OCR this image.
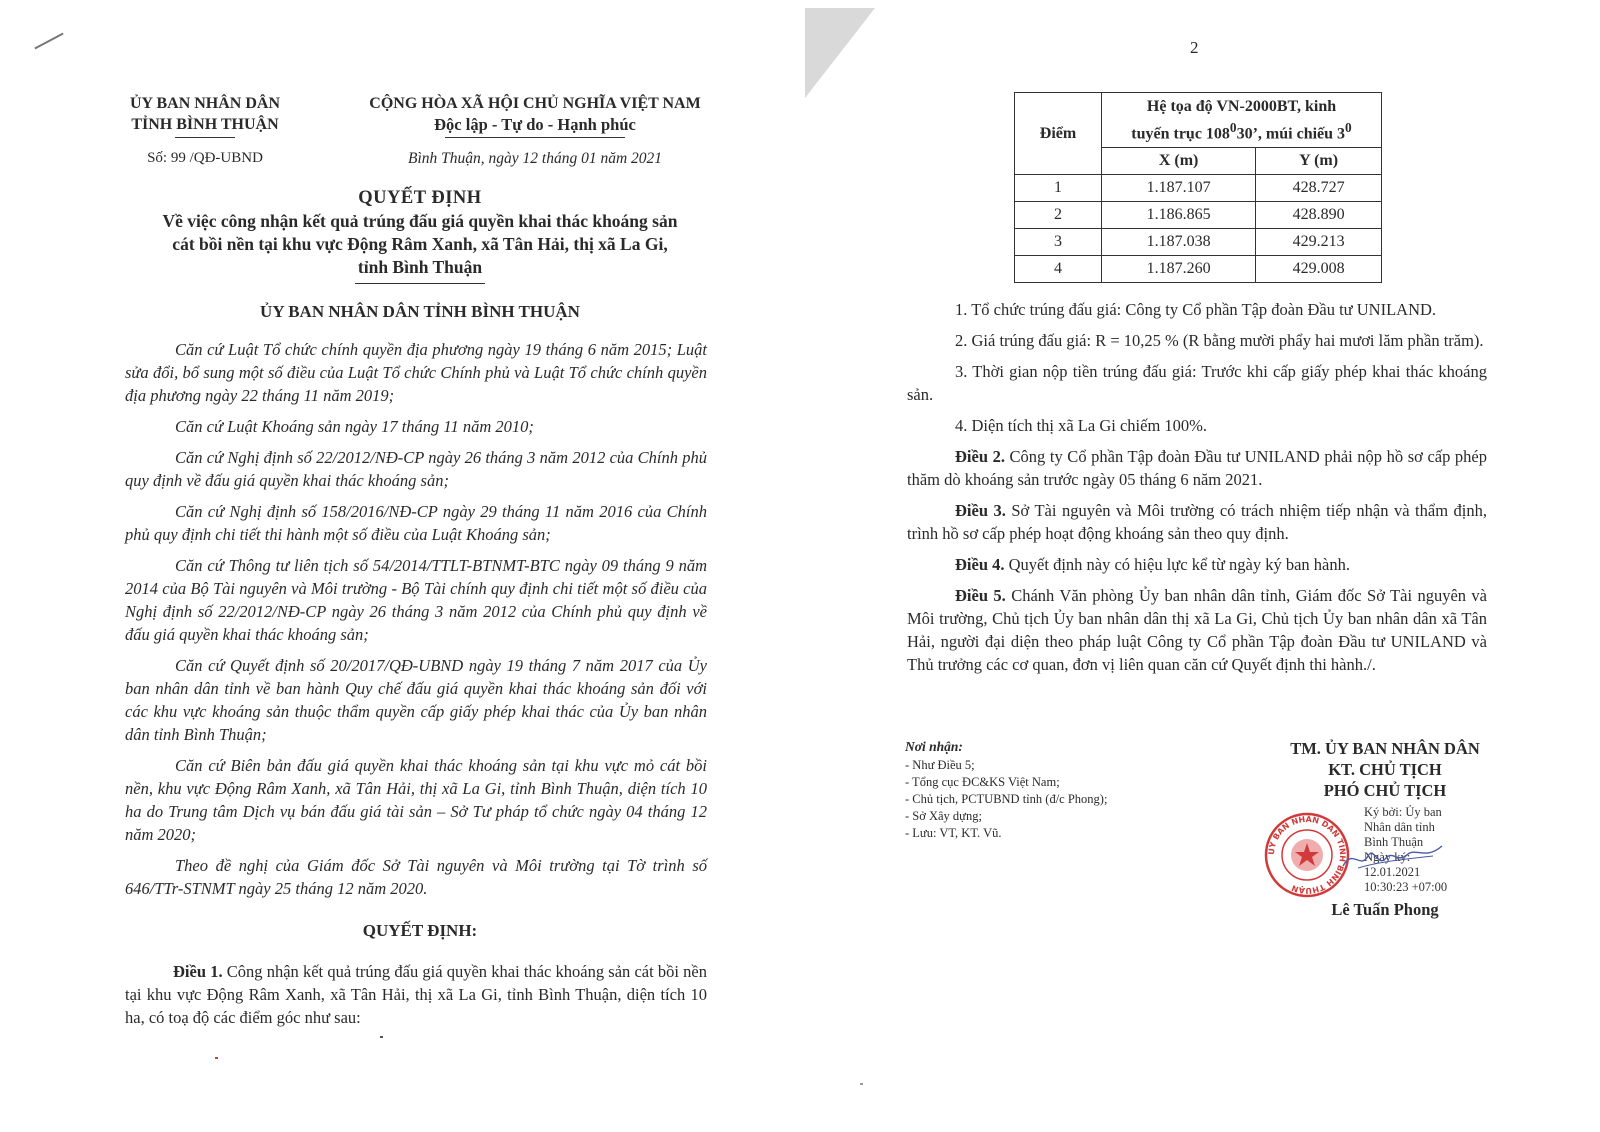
ỦY BAN NHÂN DÂN
TỈNH BÌNH THUẬN
Số: 99 /QĐ-UBND
CỘNG HÒA XÃ HỘI CHỦ NGHĨA VIỆT NAM
Độc lập - Tự do - Hạnh phúc
Bình Thuận, ngày 12 tháng 01 năm 2021
QUYẾT ĐỊNH
Về việc công nhận kết quả trúng đấu giá quyền khai thác khoáng sản
cát bồi nền tại khu vực Động Râm Xanh, xã Tân Hải, thị xã La Gi,
tỉnh Bình Thuận
ỦY BAN NHÂN DÂN TỈNH BÌNH THUẬN

Căn cứ Luật Tổ chức chính quyền địa phương ngày 19 tháng 6 năm 2015; Luật sửa đổi, bổ sung một số điều của Luật Tổ chức Chính phủ và Luật Tổ chức chính quyền địa phương ngày 22 tháng 11 năm 2019;

Căn cứ Luật Khoáng sản ngày 17 tháng 11 năm 2010;

Căn cứ Nghị định số 22/2012/NĐ-CP ngày 26 tháng 3 năm 2012 của Chính phủ quy định về đấu giá quyền khai thác khoáng sản;

Căn cứ Nghị định số 158/2016/NĐ-CP ngày 29 tháng 11 năm 2016 của Chính phủ quy định chi tiết thi hành một số điều của Luật Khoáng sản;

Căn cứ Thông tư liên tịch số 54/2014/TTLT-BTNMT-BTC ngày 09 tháng 9 năm 2014 của Bộ Tài nguyên và Môi trường - Bộ Tài chính quy định chi tiết một số điều của Nghị định số 22/2012/NĐ-CP ngày 26 tháng 3 năm 2012 của Chính phủ quy định về đấu giá quyền khai thác khoáng sản;

Căn cứ Quyết định số 20/2017/QĐ-UBND ngày 19 tháng 7 năm 2017 của Ủy ban nhân dân tỉnh về ban hành Quy chế đấu giá quyền khai thác khoáng sản đối với các khu vực khoáng sản thuộc thẩm quyền cấp giấy phép khai thác của Ủy ban nhân dân tỉnh Bình Thuận;

Căn cứ Biên bản đấu giá quyền khai thác khoáng sản tại khu vực mỏ cát bồi nền, khu vực Động Râm Xanh, xã Tân Hải, thị xã La Gi, tỉnh Bình Thuận, diện tích 10 ha do Trung tâm Dịch vụ bán đấu giá tài sản – Sở Tư pháp tổ chức ngày 04 tháng 12 năm 2020;

Theo đề nghị của Giám đốc Sở Tài nguyên và Môi trường tại Tờ trình số 646/TTr-STNMT ngày 25 tháng 12 năm 2020.

QUYẾT ĐỊNH:
Điều 1. Công nhận kết quả trúng đấu giá quyền khai thác khoáng sản cát bồi nền tại khu vực Động Râm Xanh, xã Tân Hải, thị xã La Gi, tỉnh Bình Thuận, diện tích 10 ha, có toạ độ các điểm góc như sau:
2
Điểm	Hệ tọa độ VN-2000BT, kinh
tuyến trục $108^030$’, múi chiếu $3^0$
	X (m)	Y (m)
1	1.187.107	428.727
2	1.186.865	428.890
3	1.187.038	429.213
4	1.187.260	429.008

1. Tổ chức trúng đấu giá: Công ty Cổ phần Tập đoàn Đầu tư UNILAND.

2. Giá trúng đấu giá: R = 10,25 % (R bằng mười phẩy hai mươi lăm phần trăm).

3. Thời gian nộp tiền trúng đấu giá: Trước khi cấp giấy phép khai thác khoáng sản.

4. Diện tích thị xã La Gi chiếm 100%.

Điều 2. Công ty Cổ phần Tập đoàn Đầu tư UNILAND phải nộp hồ sơ cấp phép thăm dò khoáng sản trước ngày 05 tháng 6 năm 2021.

Điều 3. Sở Tài nguyên và Môi trường có trách nhiệm tiếp nhận và thẩm định, trình hồ sơ cấp phép hoạt động khoáng sản theo quy định.

Điều 4. Quyết định này có hiệu lực kể từ ngày ký ban hành.

Điều 5. Chánh Văn phòng Ủy ban nhân dân tỉnh, Giám đốc Sở Tài nguyên và Môi trường, Chủ tịch Ủy ban nhân dân thị xã La Gi, Chủ tịch Ủy ban nhân dân xã Tân Hải, người đại diện theo pháp luật Công ty Cổ phần Tập đoàn Đầu tư UNILAND và Thủ trưởng các cơ quan, đơn vị liên quan căn cứ Quyết định thi hành./.

Nơi nhận:
- Như Điều 5;
- Tổng cục ĐC&KS Việt Nam;
- Chủ tịch, PCTUBND tỉnh (đ/c Phong);
- Sở Xây dựng;
- Lưu: VT, KT. Vũ.
TM. ỦY BAN NHÂN DÂN
KT. CHỦ TỊCH
PHÓ CHỦ TỊCH
ỦY BAN NHÂN DÂN TỈNH BÌNH THUẬN
Ký bởi: Ủy ban
Nhân dân tỉnh
Bình Thuận
Ngày ký:
12.01.2021
10:30:23 +07:00
Lê Tuấn Phong
